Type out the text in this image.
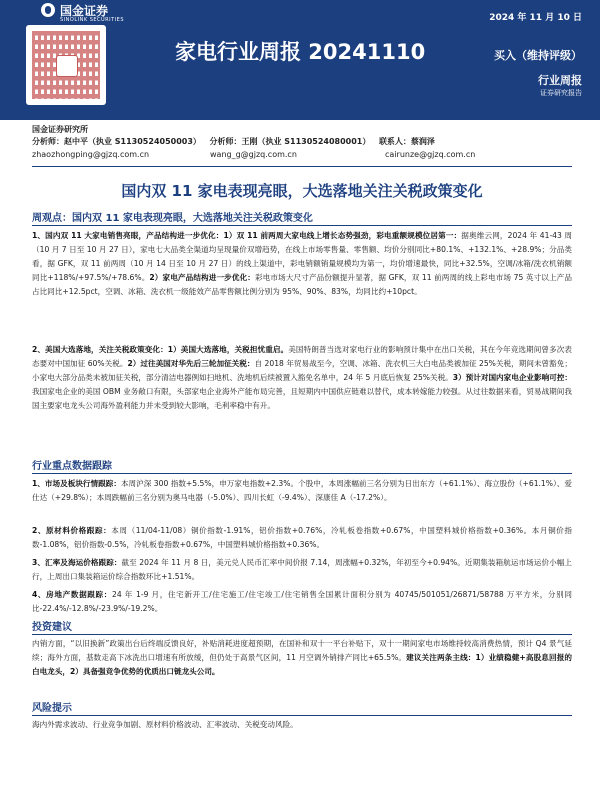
国金证券
SINOLINK SECURITIES	2024 年 11 月 10 日
家电行业周报 20241110	买入（维持评级）
行业周报
证券研究报告
国金证券研究所
分析师：赵中平（执业 S1130524050003） 分析师：王刚（执业 S1130524080001） 联系人：蔡润泽
zhaozhongping@gjzq.com.cn	wang_g@gjzq.com.cn	cairunze@gjzq.com.cn
国内双 11 家电表现亮眼，大选落地关注关税政策变化
周观点：国内双 11 家电表现亮眼，大选落地关注关税政策变化

1、国内双 11 大家电销售亮眼，产品结构进一步优化：1）双 11 前两周大家电线上增长态势强劲，彩电重额规模位居第一：据奥维云网，2024 年 41-43 周（10 月 7 日至 10 月 27 日），家电七大品类全渠道均呈现量价双增趋势，在线上市场零售量、零售额、均价分别同比+80.1%、+132.1%、+28.9%；分品类看，据 GFK，双 11 前两周（10 月 14 日至 10 月 27 日）的线上渠道中，彩电销额销量规模均为第一，均价增速最快，同比+32.5%，空调/冰箱/洗衣机销额同比+118%/+97.5%/+78.6%。2）家电产品结构进一步优化：彩电市场大尺寸产品份额提升显著，据 GFK，双 11 前两周的线上彩电市场 75 英寸以上产品占比同比+12.5pct，空调、冰箱、洗衣机一级能效产品零售额比例分别为 95%、90%、83%，均同比约+10pct。

2、美国大选落地，关注关税政策变化：1）美国大选落地，关税担忧重启。美国特朗普当选对家电行业的影响预计集中在出口关税，其在今年竞选期间曾多次表态要对中国加征 60%关税。2）过往美国对华先后三轮加征关税：自 2018 年贸易战至今，空调、冰箱、洗衣机三大白电品类被加征 25%关税，期间未曾豁免；小家电大部分品类未被加征关税，部分清洁电器例如扫地机、洗地机后续被置入豁免名单中，24 年 5 月底后恢复 25%关税。3）预计对国内家电企业影响可控：我国家电企业的美国 OBM 业务敞口有限，头部家电企业海外产能布局完善，且短期内中国供应链难以替代，成本转嫁能力较强。从过往数据来看，贸易战期间我国主要家电龙头公司海外盈利能力并未受到较大影响，毛利率稳中有升。

行业重点数据跟踪

1、市场及板块行情跟踪：本周沪深 300 指数+5.5%，申万家电指数+2.3%。个股中，本周涨幅前三名分别为日出东方（+61.1%）、海立股份（+61.1%）、爱仕达（+29.8%）；本周跌幅前三名分别为奥马电器（-5.0%）、四川长虹（-9.4%）、深康佳 A（-17.2%）。

2、原材料价格跟踪：本周（11/04-11/08）铜价指数-1.91%，铝价指数+0.76%，冷轧板卷指数+0.67%，中国塑料城价格指数+0.36%。本月铜价指数-1.08%，铝价指数-0.5%，冷轧板卷指数+0.67%，中国塑料城价格指数+0.36%。

3、汇率及海运价格跟踪：截至 2024 年 11 月 8 日，美元兑人民币汇率中间价报 7.14，周涨幅+0.32%，年初至今+0.94%。近期集装箱航运市场运价小幅上行，上周出口集装箱运价综合指数环比+1.51%。

4、房地产数据跟踪：24 年 1-9 月，住宅新开工/住宅施工/住宅竣工/住宅销售全国累计面积分别为 40745/501051/26871/58788 万平方米，分别同比-22.4%/-12.8%/-23.9%/-19.2%。

投资建议

内销方面，“以旧换新”政策出台后终端反馈良好，补贴消耗进度超预期，在国补和双十一平台补贴下，双十一期间家电市场维持较高消费热情，预计 Q4 景气延续；海外方面，基数走高下冰洗出口增速有所放缓，但仍处于高景气区间，11 月空调外销排产同比+65.5%。建议关注两条主线：1）业绩稳健+高股息回报的白电龙头，2）具备强竞争优势的优质出口链龙头公司。

风险提示

海内外需求波动、行业竞争加剧、原材料价格波动、汇率波动、关税变动风险。
